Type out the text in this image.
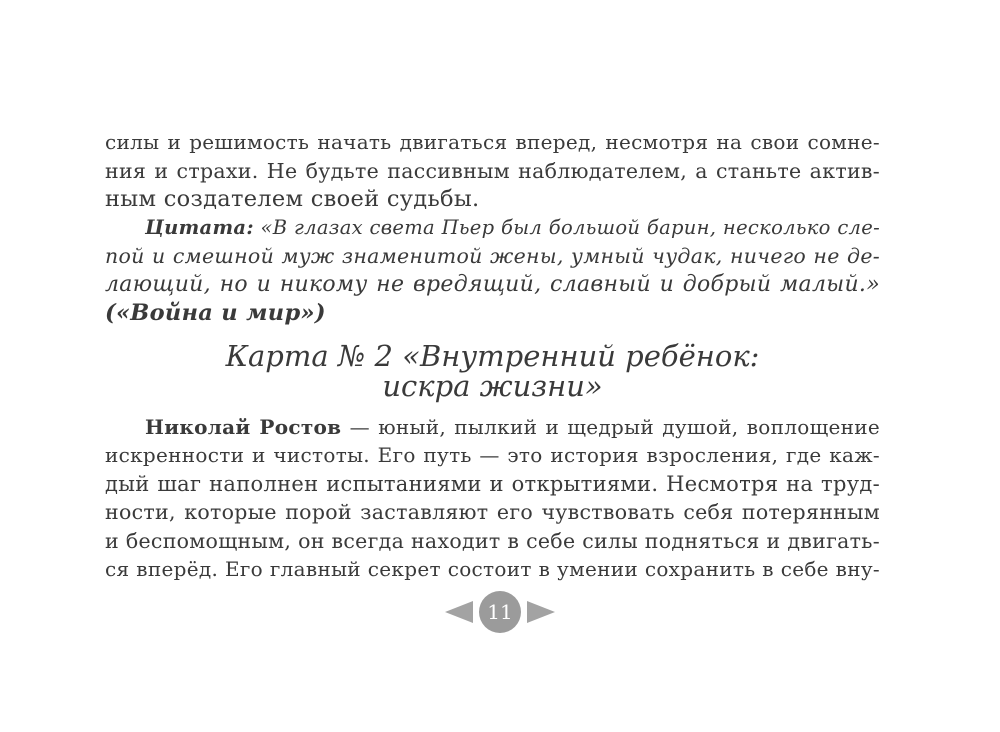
силы и решимость начать двигаться вперед, несмотря на свои сомне-
ния и страхи. Не будьте пассивным наблюдателем, а станьте актив-
ным создателем своей судьбы.
Цитата: «В глазах света Пьер был большой барин, несколько сле-
пой и смешной муж знаменитой жены, умный чудак, ничего не де-
лающий, но и никому не вредящий, славный и добрый малый.»
(«Война и мир»)
Карта № 2 «Внутренний ребёнок:
искра жизни»
Николай Ростов — юный, пылкий и щедрый душой, воплощение
искренности и чистоты. Его путь — это история взросления, где каж-
дый шаг наполнен испытаниями и открытиями. Несмотря на труд-
ности, которые порой заставляют его чувствовать себя потерянным
и беспомощным, он всегда находит в себе силы подняться и двигать-
ся вперёд. Его главный секрет состоит в умении сохранить в себе вну-
11
